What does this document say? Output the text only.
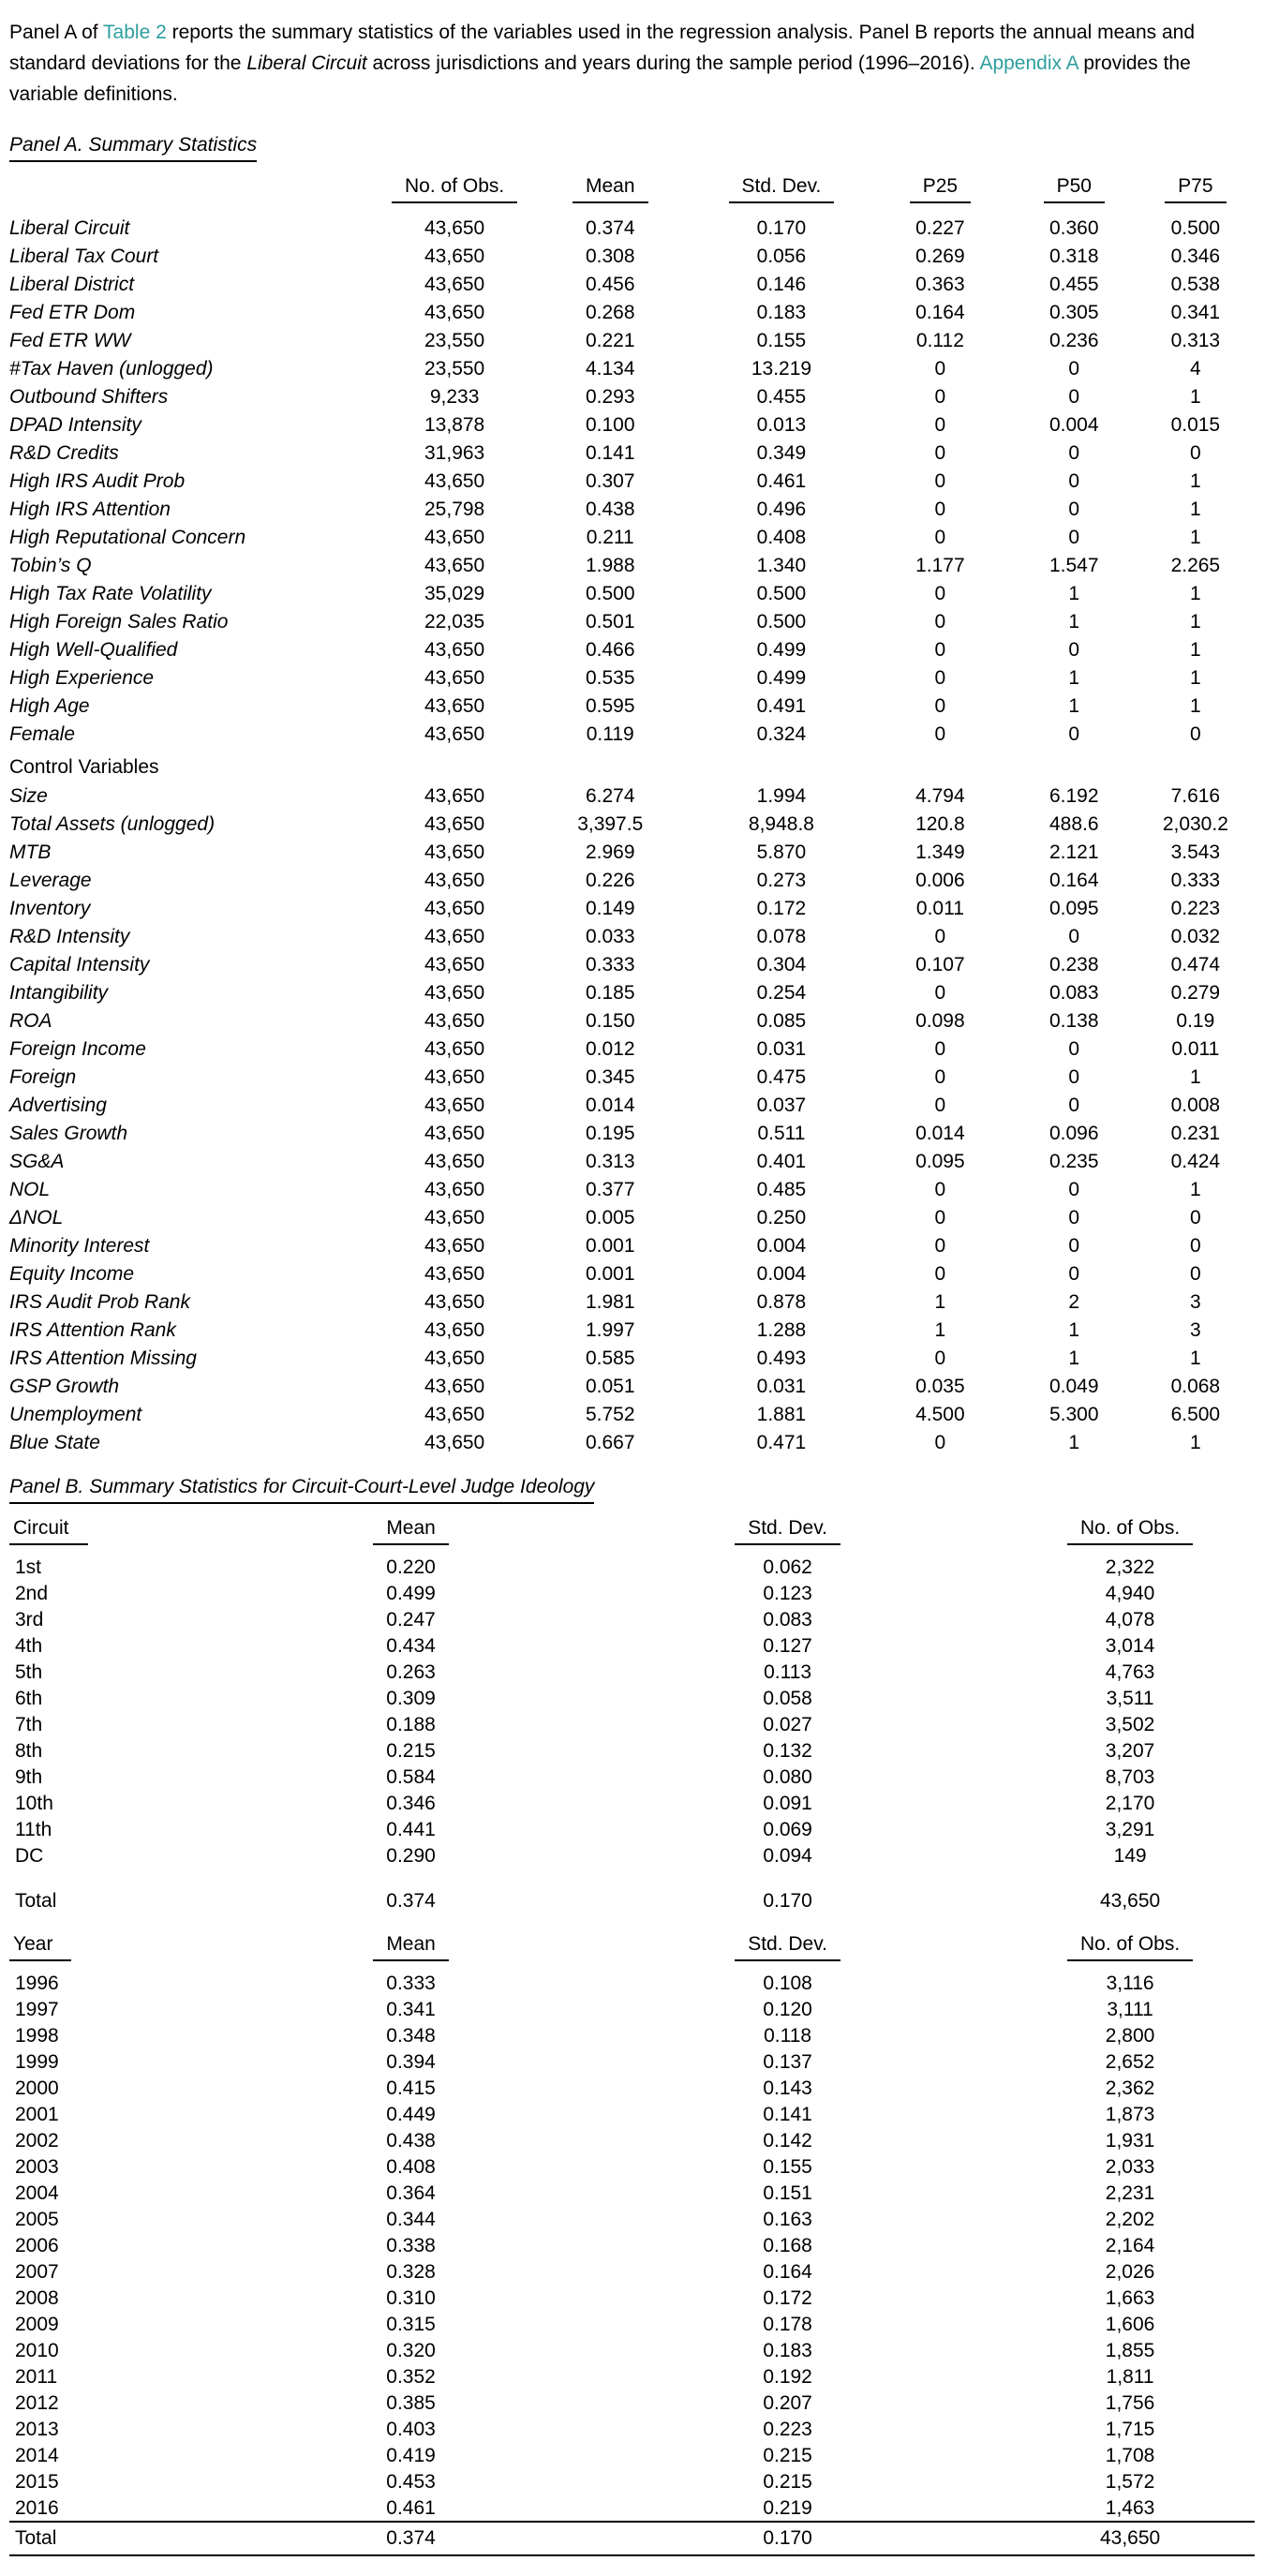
Panel A of Table 2 reports the summary statistics of the variables used in the regression analysis. Panel B reports the annual means and standard deviations for the Liberal Circuit across jurisdictions and years during the sample period (1996–2016). Appendix A provides the variable definitions.

Panel A. Summary Statistics
	No. of Obs.	Mean	Std. Dev.	P25	P50	P75
Liberal Circuit	43,650	0.374	0.170	0.227	0.360	0.500
Liberal Tax Court	43,650	0.308	0.056	0.269	0.318	0.346
Liberal District	43,650	0.456	0.146	0.363	0.455	0.538
Fed ETR Dom	43,650	0.268	0.183	0.164	0.305	0.341
Fed ETR WW	23,550	0.221	0.155	0.112	0.236	0.313
#Tax Haven (unlogged)	23,550	4.134	13.219	0	0	4
Outbound Shifters	9,233	0.293	0.455	0	0	1
DPAD Intensity	13,878	0.100	0.013	0	0.004	0.015
R&D Credits	31,963	0.141	0.349	0	0	0
High IRS Audit Prob	43,650	0.307	0.461	0	0	1
High IRS Attention	25,798	0.438	0.496	0	0	1
High Reputational Concern	43,650	0.211	0.408	0	0	1
Tobin’s Q	43,650	1.988	1.340	1.177	1.547	2.265
High Tax Rate Volatility	35,029	0.500	0.500	0	1	1
High Foreign Sales Ratio	22,035	0.501	0.500	0	1	1
High Well-Qualified	43,650	0.466	0.499	0	0	1
High Experience	43,650	0.535	0.499	0	1	1
High Age	43,650	0.595	0.491	0	1	1
Female	43,650	0.119	0.324	0	0	0
Control Variables						
Size	43,650	6.274	1.994	4.794	6.192	7.616
Total Assets (unlogged)	43,650	3,397.5	8,948.8	120.8	488.6	2,030.2
MTB	43,650	2.969	5.870	1.349	2.121	3.543
Leverage	43,650	0.226	0.273	0.006	0.164	0.333
Inventory	43,650	0.149	0.172	0.011	0.095	0.223
R&D Intensity	43,650	0.033	0.078	0	0	0.032
Capital Intensity	43,650	0.333	0.304	0.107	0.238	0.474
Intangibility	43,650	0.185	0.254	0	0.083	0.279
ROA	43,650	0.150	0.085	0.098	0.138	0.19
Foreign Income	43,650	0.012	0.031	0	0	0.011
Foreign	43,650	0.345	0.475	0	0	1
Advertising	43,650	0.014	0.037	0	0	0.008
Sales Growth	43,650	0.195	0.511	0.014	0.096	0.231
SG&A	43,650	0.313	0.401	0.095	0.235	0.424
NOL	43,650	0.377	0.485	0	0	1
ΔNOL	43,650	0.005	0.250	0	0	0
Minority Interest	43,650	0.001	0.004	0	0	0
Equity Income	43,650	0.001	0.004	0	0	0
IRS Audit Prob Rank	43,650	1.981	0.878	1	2	3
IRS Attention Rank	43,650	1.997	1.288	1	1	3
IRS Attention Missing	43,650	0.585	0.493	0	1	1
GSP Growth	43,650	0.051	0.031	0.035	0.049	0.068
Unemployment	43,650	5.752	1.881	4.500	5.300	6.500
Blue State	43,650	0.667	0.471	0	1	1
Panel B. Summary Statistics for Circuit-Court-Level Judge Ideology
Circuit	Mean	Std. Dev.	No. of Obs.
1st	0.220	0.062	2,322
2nd	0.499	0.123	4,940
3rd	0.247	0.083	4,078
4th	0.434	0.127	3,014
5th	0.263	0.113	4,763
6th	0.309	0.058	3,511
7th	0.188	0.027	3,502
8th	0.215	0.132	3,207
9th	0.584	0.080	8,703
10th	0.346	0.091	2,170
11th	0.441	0.069	3,291
DC	0.290	0.094	149
Total	0.374	0.170	43,650
Year	Mean	Std. Dev.	No. of Obs.
1996	0.333	0.108	3,116
1997	0.341	0.120	3,111
1998	0.348	0.118	2,800
1999	0.394	0.137	2,652
2000	0.415	0.143	2,362
2001	0.449	0.141	1,873
2002	0.438	0.142	1,931
2003	0.408	0.155	2,033
2004	0.364	0.151	2,231
2005	0.344	0.163	2,202
2006	0.338	0.168	2,164
2007	0.328	0.164	2,026
2008	0.310	0.172	1,663
2009	0.315	0.178	1,606
2010	0.320	0.183	1,855
2011	0.352	0.192	1,811
2012	0.385	0.207	1,756
2013	0.403	0.223	1,715
2014	0.419	0.215	1,708
2015	0.453	0.215	1,572
2016	0.461	0.219	1,463
Total	0.374	0.170	43,650
